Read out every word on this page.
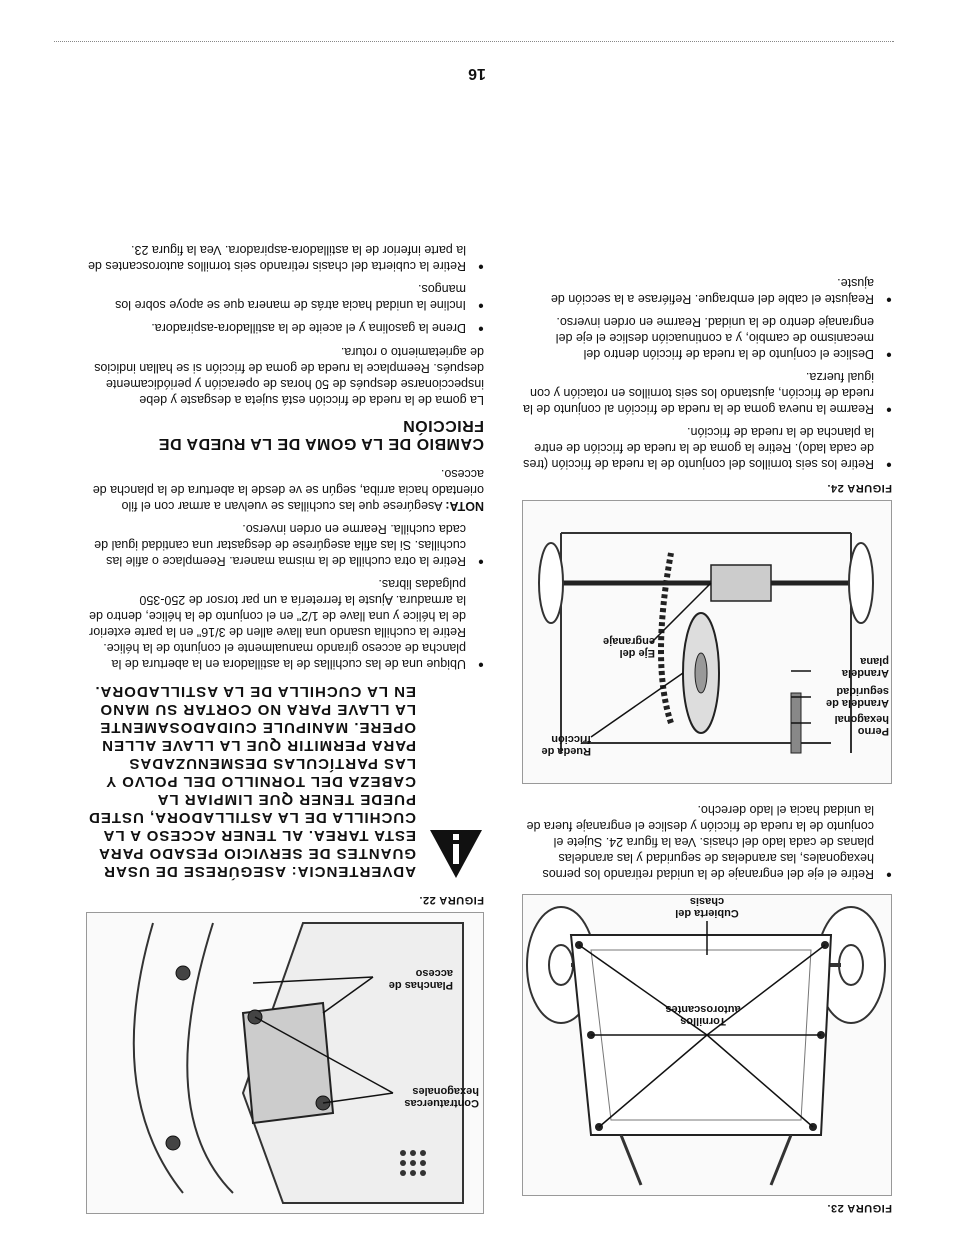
FIGURA 23.
Tornillos autoroscantes
Cubierta del chasis
● Retire el eje del engranaje de la unidad retirando los pernos hexagonales, las arandelas de seguridad y las arandelas planas de cada lado del chasis. Vea la figura 24. Sujete el conjunto de la rueda de fricción y deslice el engranaje fuera de la unidad hacia el lado derecho.
Rueda de fricción
Eje del engranaje
Perno hexagonal
Arandela de seguridad
Arandela plana
FIGURA 24.
● Retire los seis tornillos del conjunto de la rueda de fricción (tres de cada lado). Retire la goma de la rueda de fricción de entre la plancha de la rueda de fricción.
● Rearme la nueva goma de la rueda de fricción al conjunto de la rueda de fricción, ajustando los seis tornillos en rotación y con igual fuerza.
● Deslice el conjunto de la rueda de fricción dentro del mecanismo de cambio, y a continuación deslice el eje del engranaje dentro de la unidad. Rearme en orden inverso.
● Reajuste el cable del embrague. Refiérase a la sección de ajuste.
Contratuercas hexagonales
Planchas de acceso
FIGURA 22.
ADVERTENCIA: ASEGÚRESE DE USAR GUANTES DE SERVICIO PESADO PARA ESTA TAREA. AL TENER ACCESO A LA CUCHILLA DE LA ASTILLADORA, USTED PUEDE TENER QUE LIMPIAR LA CABEZA DEL TORNILLO DEL POLVO Y LAS PARTÍCULAS DESMENUZADAS PARA PERMITIR QUE LA LLAVE ALLEN OPERE. MANIPULE CUIDADOSAMENTE LA LLAVE PARA NO CORTAR SU MANO EN LA CUCHILLA DE LA ASTILLADORA.
● Ubique una de las cuchillas de la astilladora en la abertura de la plancha de acceso girando manualmente el conjunto de la hélice. Retire la cuchilla usando una llave allen de 3/16" en la parte exterior de la hélice y una llave de 1/2" en el conjunto de la hélice, dentro de la armadura. Ajuste la ferretería a un par torsor de 250-350 pulgadas libras.
● Retire la otra cuchilla de la misma manera. Reemplace o afile las cuchillas. Si las afila asegúrese de desgastar una cantidad igual de cada cuchilla. Rearme en orden inverso.

NOTA: Asegúrese que las cuchillas se vuelvan a armar con el filo orientado hacia arriba, según se ve desde la abertura de la plancha de acceso.

CAMBIO DE LA GOMA DE LA RUEDA DE FRICCIÓN

La goma de la rueda de fricción está sujeta a desgaste y debe inspeccionarse después de 50 horas de operación y periódicamente después. Reemplace la rueda de goma de fricción si se hallan indicios de agrietamiento o rotura.

● Drene la gasolina y el aceite de la astilladora-aspiradora.
● Incline la unidad hacia atrás de manera que se apoye sobre los mangos.
● Retire la cubierta del chasis retirando seis tornillos autoroscantes de la parte inferior de la astilladora-aspiradora. Vea la figura 23.
16
